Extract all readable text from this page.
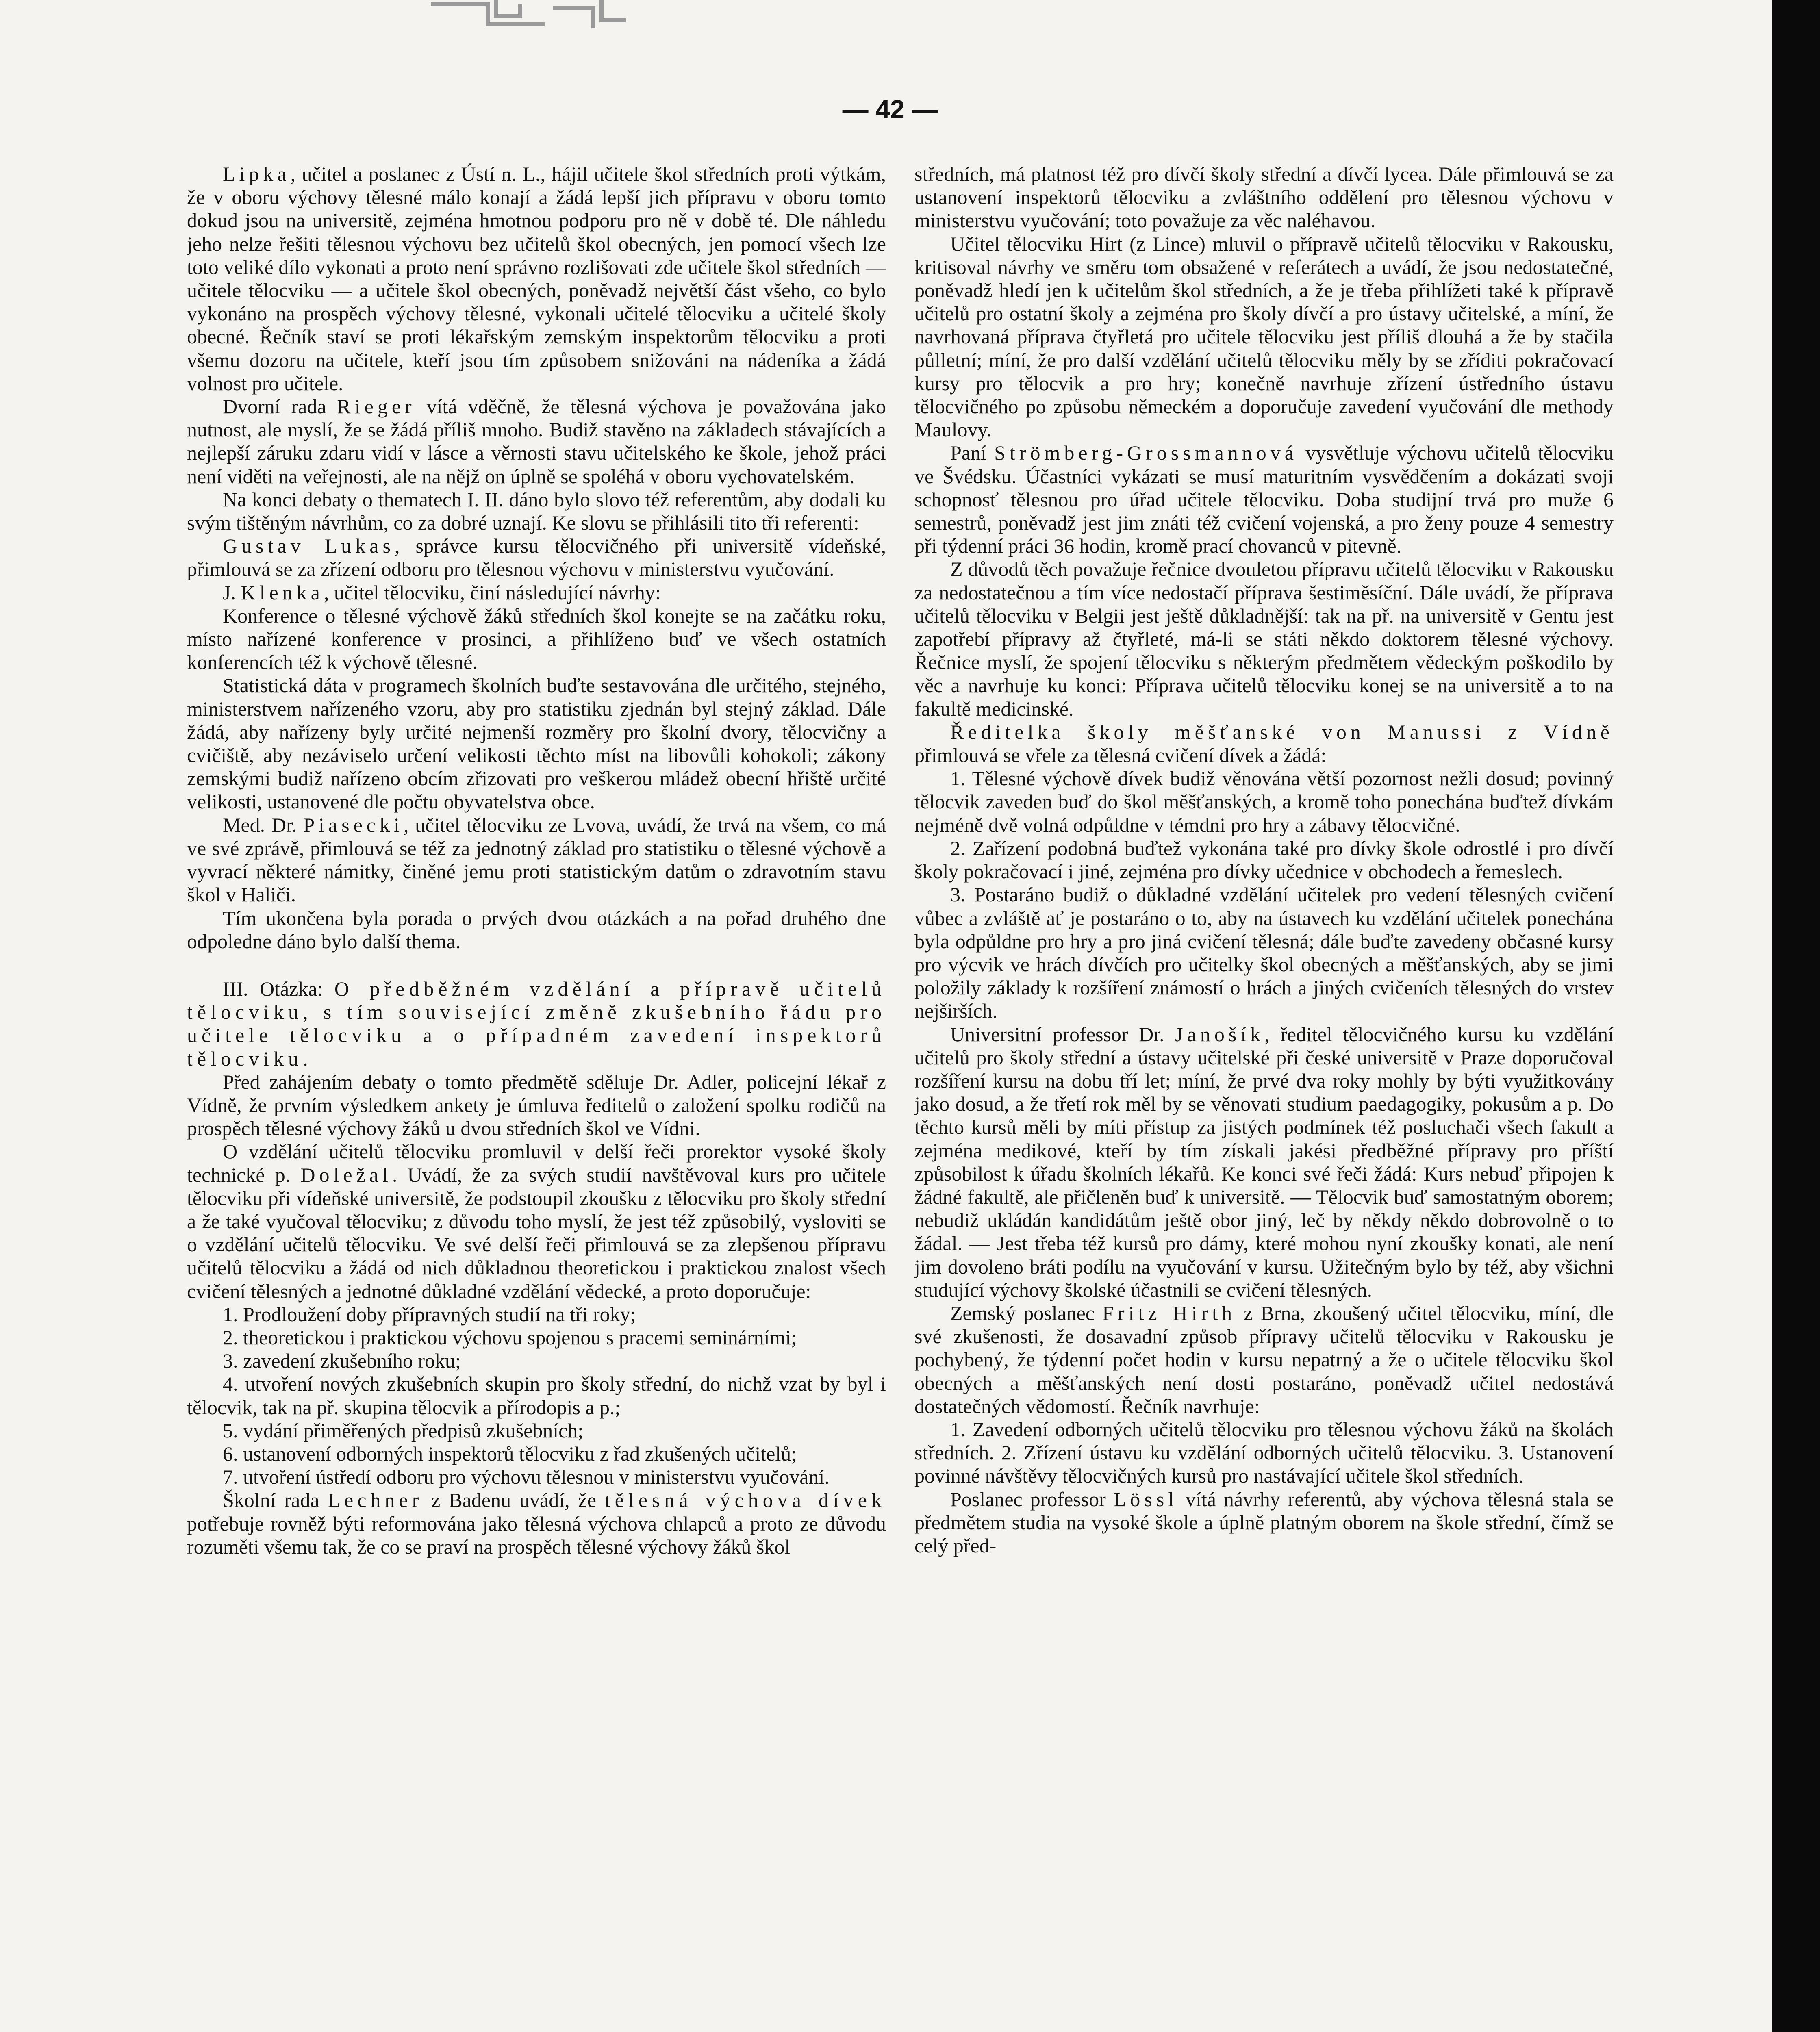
— 42 —

Lipka, učitel a poslanec z Ústí n. L., hájil učitele škol středních proti výtkám, že v oboru výchovy tělesné málo konají a žádá lepší jich přípravu v oboru tomto dokud jsou na universitě, zejména hmotnou podporu pro ně v době té. Dle náhledu jeho nelze řešiti tělesnou výchovu bez učitelů škol obecných, jen pomocí všech lze toto veliké dílo vykonati a proto není správno rozlišovati zde učitele škol středních — učitele tělocviku — a učitele škol obecných, poněvadž největší část všeho, co bylo vykonáno na prospěch výchovy tělesné, vykonali učitelé tělocviku a učitelé školy obecné. Řečník staví se proti lékařským zemským inspektorům tělocviku a proti všemu dozoru na učitele, kteří jsou tím způsobem snižováni na nádeníka a žádá volnost pro učitele.

Dvorní rada Rieger vítá vděčně, že tělesná výchova je považována jako nutnost, ale myslí, že se žádá příliš mnoho. Budiž stavěno na základech stávajících a nejlepší záruku zdaru vidí v lásce a věrnosti stavu učitelského ke škole, jehož práci není viděti na veřejnosti, ale na nějž on úplně se spoléhá v oboru vychovatelském.

Na konci debaty o thematech I. II. dáno bylo slovo též referentům, aby dodali ku svým tištěným návrhům, co za dobré uznají. Ke slovu se přihlásili tito tři referenti:

Gustav Lukas, správce kursu tělocvičného při universitě vídeňské, přimlouvá se za zřízení odboru pro tělesnou výchovu v ministerstvu vyučování.

J. Klenka, učitel tělocviku, činí následující návrhy:

Konference o tělesné výchově žáků středních škol konejte se na začátku roku, místo nařízené konference v prosinci, a přihlíženo buď ve všech ostatních konferencích též k výchově tělesné.

Statistická dáta v programech školních buďte sestavována dle určitého, stejného, ministerstvem nařízeného vzoru, aby pro statistiku zjednán byl stejný základ. Dále žádá, aby nařízeny byly určité nejmenší rozměry pro školní dvory, tělocvičny a cvičiště, aby nezáviselo určení velikosti těchto míst na libovůli kohokoli; zákony zemskými budiž nařízeno obcím zřizovati pro veškerou mládež obecní hřiště určité velikosti, ustanovené dle počtu obyvatelstva obce.

Med. Dr. Piasecki, učitel tělocviku ze Lvova, uvádí, že trvá na všem, co má ve své zprávě, přimlouvá se též za jednotný základ pro statistiku o tělesné výchově a vyvrací některé námitky, činěné jemu proti statistickým datům o zdravotním stavu škol v Haliči.

Tím ukončena byla porada o prvých dvou otázkách a na pořad druhého dne odpoledne dáno bylo další thema.

III. Otázka: O předběžném vzdělání a přípravě učitelů tělocviku, s tím související změně zkušebního řádu pro učitele tělocviku a o případném zavedení inspektorů tělocviku.

Před zahájením debaty o tomto předmětě sděluje Dr. Adler, policejní lékař z Vídně, že prvním výsledkem ankety je úmluva ředitelů o založení spolku rodičů na prospěch tělesné výchovy žáků u dvou středních škol ve Vídni.

O vzdělání učitelů tělocviku promluvil v delší řeči prorektor vysoké školy technické p. Doležal. Uvádí, že za svých studií navštěvoval kurs pro učitele tělocviku při vídeňské universitě, že podstoupil zkoušku z tělocviku pro školy střední a že také vyučoval tělocviku; z důvodu toho myslí, že jest též způsobilý, vysloviti se o vzdělání učitelů tělocviku. Ve své delší řeči přimlouvá se za zlepšenou přípravu učitelů tělocviku a žádá od nich důkladnou theoretickou i praktickou znalost všech cvičení tělesných a jednotné důkladné vzdělání vědecké, a proto doporučuje:

1. Prodloužení doby přípravných studií na tři roky;
2. theoretickou i praktickou výchovu spojenou s pracemi seminárními;
3. zavedení zkušebního roku;
4. utvoření nových zkušebních skupin pro školy střední, do nichž vzat by byl i tělocvik, tak na př. skupina tělocvik a přírodopis a p.;
5. vydání přiměřených předpisů zkušebních;
6. ustanovení odborných inspektorů tělocviku z řad zkušených učitelů;
7. utvoření ústředí odboru pro výchovu tělesnou v ministerstvu vyučování.

Školní rada Lechner z Badenu uvádí, že tělesná výchova dívek potřebuje rovněž býti reformována jako tělesná výchova chlapců a proto ze důvodu rozuměti všemu tak, že co se praví na prospěch tělesné výchovy žáků škol

středních, má platnost též pro dívčí školy střední a dívčí lycea. Dále přimlouvá se za ustanovení inspektorů tělocviku a zvláštního oddělení pro tělesnou výchovu v ministerstvu vyučování; toto považuje za věc naléhavou.

Učitel tělocviku Hirt (z Lince) mluvil o přípravě učitelů tělocviku v Rakousku, kritisoval návrhy ve směru tom obsažené v referátech a uvádí, že jsou nedostatečné, poněvadž hledí jen k učitelům škol středních, a že je třeba přihlížeti také k přípravě učitelů pro ostatní školy a zejména pro školy dívčí a pro ústavy učitelské, a míní, že navrhovaná příprava čtyřletá pro učitele tělocviku jest příliš dlouhá a že by stačila půlletní; míní, že pro další vzdělání učitelů tělocviku měly by se zříditi pokračovací kursy pro tělocvik a pro hry; konečně navrhuje zřízení ústředního ústavu tělocvičného po způsobu německém a doporučuje zavedení vyučování dle methody Maulovy.

Paní Strömberg-Grossmannová vysvětluje výchovu učitelů tělocviku ve Švédsku. Účastníci vykázati se musí maturitním vysvědčením a dokázati svoji schopnosť tělesnou pro úřad učitele tělocviku. Doba studijní trvá pro muže 6 semestrů, poněvadž jest jim znáti též cvičení vojenská, a pro ženy pouze 4 semestry při týdenní práci 36 hodin, kromě prací chovanců v pitevně.

Z důvodů těch považuje řečnice dvouletou přípravu učitelů tělocviku v Rakousku za nedostatečnou a tím více nedostačí příprava šestiměsíční. Dále uvádí, že příprava učitelů tělocviku v Belgii jest ještě důkladnější: tak na př. na universitě v Gentu jest zapotřebí přípravy až čtyřleté, má-li se státi někdo doktorem tělesné výchovy. Řečnice myslí, že spojení tělocviku s některým předmětem vědeckým poškodilo by věc a navrhuje ku konci: Příprava učitelů tělocviku konej se na universitě a to na fakultě medicinské.

Ředitelka školy měšťanské von Manussi z Vídně přimlouvá se vřele za tělesná cvičení dívek a žádá:

1. Tělesné výchově dívek budiž věnována větší pozornost nežli dosud; povinný tělocvik zaveden buď do škol měšťanských, a kromě toho ponechána buďtež dívkám nejméně dvě volná odpůldne v témdni pro hry a zábavy tělocvičné.

2. Zařízení podobná buďtež vykonána také pro dívky škole odrostlé i pro dívčí školy pokračovací i jiné, zejména pro dívky učednice v obchodech a řemeslech.

3. Postaráno budiž o důkladné vzdělání učitelek pro vedení tělesných cvičení vůbec a zvláště ať je postaráno o to, aby na ústavech ku vzdělání učitelek ponechána byla odpůldne pro hry a pro jiná cvičení tělesná; dále buďte zavedeny občasné kursy pro výcvik ve hrách dívčích pro učitelky škol obecných a měšťanských, aby se jimi položily základy k rozšíření známostí o hrách a jiných cvičeních tělesných do vrstev nejširších.

Universitní professor Dr. Janošík, ředitel tělocvičného kursu ku vzdělání učitelů pro školy střední a ústavy učitelské při české universitě v Praze doporučoval rozšíření kursu na dobu tří let; míní, že prvé dva roky mohly by býti využitkovány jako dosud, a že třetí rok měl by se věnovati studium paedagogiky, pokusům a p. Do těchto kursů měli by míti přístup za jistých podmínek též posluchači všech fakult a zejména medikové, kteří by tím získali jakési předběžné přípravy pro příští způsobilost k úřadu školních lékařů. Ke konci své řeči žádá: Kurs nebuď připojen k žádné fakultě, ale přičleněn buď k universitě. — Tělocvik buď samostatným oborem; nebudiž ukládán kandidátům ještě obor jiný, leč by někdy někdo dobrovolně o to žádal. — Jest třeba též kursů pro dámy, které mohou nyní zkoušky konati, ale není jim dovoleno bráti podílu na vyučování v kursu. Užitečným bylo by též, aby všichni studující výchovy školské účastnili se cvičení tělesných.

Zemský poslanec Fritz Hirth z Brna, zkoušený učitel tělocviku, míní, dle své zkušenosti, že dosavadní způsob přípravy učitelů tělocviku v Rakousku je pochybený, že týdenní počet hodin v kursu nepatrný a že o učitele tělocviku škol obecných a měšťanských není dosti postaráno, poněvadž učitel nedostává dostatečných vědomostí. Řečník navrhuje:

1. Zavedení odborných učitelů tělocviku pro tělesnou výchovu žáků na školách středních. 2. Zřízení ústavu ku vzdělání odborných učitelů tělocviku. 3. Ustanovení povinné návštěvy tělocvičných kursů pro nastávající učitele škol středních.

Poslanec professor Lössl vítá návrhy referentů, aby výchova tělesná stala se předmětem studia na vysoké škole a úplně platným oborem na škole střední, čímž se celý před-
